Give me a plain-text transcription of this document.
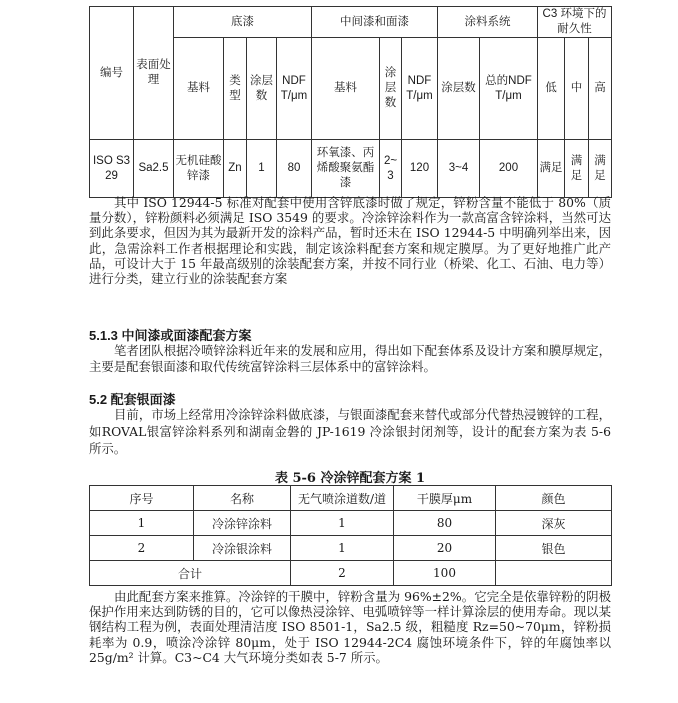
编号	表面处理	底漆				中间漆和面漆			涂料系统		C3 环境下的耐久性		
		基料	类型	涂层数	NDFT/μm	基料	涂层数	NDFT/μm	涂层数	总的NDFT/μm	低	中	高
ISO S329	Sa2.5	无机硅酸锌漆	Zn	1	80	环氧漆、丙烯酸聚氨酯漆	2~3	120	3~4	200	满足	满足	满足

其中 ISO 12944-5 标准对配套中使用含锌底漆时做了规定，锌粉含量不能低于 80%（质量分数），锌粉颜料必须满足 ISO 3549 的要求。冷涂锌涂料作为一款高富含锌涂料，当然可达到此条要求，但因为其为最新开发的涂料产品，暂时还未在 ISO 12944-5 中明确列举出来，因此，急需涂料工作者根据理论和实践，制定该涂料配套方案和规定膜厚。为了更好地推广此产品，可设计大于 15 年最高级别的涂装配套方案，并按不同行业（桥梁、化工、石油、电力等）进行分类，建立行业的涂装配套方案

5.1.3 中间漆或面漆配套方案

笔者团队根据冷喷锌涂料近年来的发展和应用，得出如下配套体系及设计方案和膜厚规定，主要是配套银面漆和取代传统富锌涂料三层体系中的富锌涂料。

5.2 配套银面漆

目前，市场上经常用冷涂锌涂料做底漆，与银面漆配套来替代或部分代替热浸镀锌的工程，如ROVAL银富锌涂料系列和湖南金磐的 JP-1619 冷涂银封闭剂等，设计的配套方案为表 5-6 所示。

表 5-6 冷涂锌配套方案 1

序号	名称	无气喷涂道数/道	干膜厚μm	颜色
1	冷涂锌涂料	1	80	深灰
2	冷涂银涂料	1	20	银色
合计		2	100	

由此配套方案来推算。冷涂锌的干膜中，锌粉含量为 96%±2%。它完全是依靠锌粉的阴极保护作用来达到防锈的目的，它可以像热浸涂锌、电弧喷锌等一样计算涂层的使用寿命。现以某钢结构工程为例，表面处理清洁度 ISO 8501-1，Sa2.5 级，粗糙度 Rz=50~70μm，锌粉损耗率为 0.9，喷涂冷涂锌 80μm，处于 ISO 12944-2C4 腐蚀环境条件下，锌的年腐蚀率以 25g/m² 计算。C3~C4 大气环境分类如表 5-7 所示。
